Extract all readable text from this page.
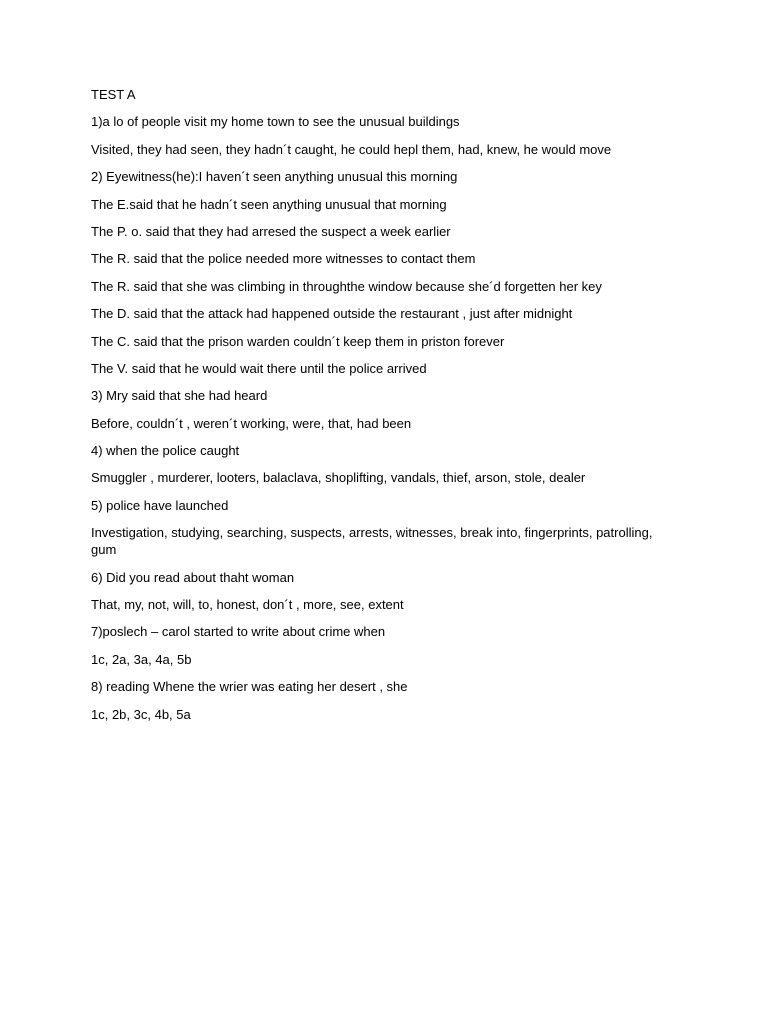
TEST A
1)a lo of people visit my home town to see the unusual buildings
Visited, they had seen, they hadn´t caught, he could hepl them, had, knew, he would move
2) Eyewitness(he):I haven´t seen anything unusual this morning
The E.said that he hadn´t seen anything unusual that morning
The P. o. said that they had arresed the suspect a week earlier
The R. said that the police needed more witnesses to contact them
The R. said that she was climbing in throughthe window because she´d forgetten her key
The D. said that the attack had happened outside the restaurant , just after midnight
The C. said that the prison warden couldn´t keep them in priston forever
The V. said that he would wait there until the police arrived
3) Mry said that she had heard
Before, couldn´t , weren´t working, were, that, had been
4) when the police caught
Smuggler , murderer, looters, balaclava, shoplifting, vandals, thief, arson, stole, dealer
5) police have launched
Investigation, studying, searching, suspects, arrests, witnesses, break into, fingerprints, patrolling, gum
6) Did you read about thaht woman
That, my, not, will, to, honest, don´t , more, see, extent
7)poslech – carol started to write about crime when
1c, 2a, 3a, 4a, 5b
8) reading Whene the wrier was eating her desert , she
1c, 2b, 3c, 4b, 5a
